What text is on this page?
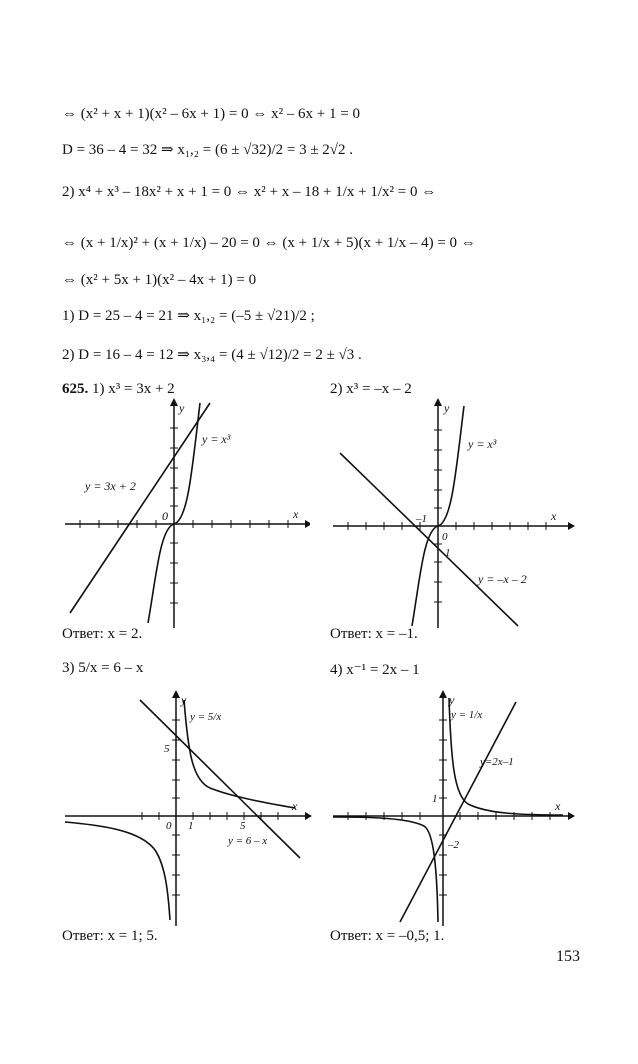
⇔ (x² + x + 1)(x² – 6x + 1) = 0 ⇔ x² – 6x + 1 = 0
D = 36 – 4 = 32 ⇒ x₁,₂ = (6 ± √32)/2 = 3 ± 2√2 .
2) x⁴ + x³ – 18x² + x + 1 = 0 ⇔ x² + x – 18 + 1/x + 1/x² = 0 ⇔
⇔ (x + 1/x)² + (x + 1/x) – 20 = 0 ⇔ (x + 1/x + 5)(x + 1/x – 4) = 0 ⇔
⇔ (x² + 5x + 1)(x² – 4x + 1) = 0
1) D = 25 – 4 = 21 ⇒ x₁,₂ = (–5 ± √21)/2 ;
2) D = 16 – 4 = 12 ⇒ x₃,₄ = (4 ± √12)/2 = 2 ± √3 .
625. 1) x³ = 3x + 2	2) x³ = –x – 2
y = x³
y = 3x + 2
x
y
0
y = x³
y = –x – 2
x
y
0
1
–1
Ответ: x = 2.	Ответ: x = –1.
3) 5/x = 6 – x	4) x⁻¹ = 2x – 1
y = 5/x
y = 6 – x
x
y
0 1	5
5
y = 1/x
y=2x–1
x
y
1
–2
Ответ: x = 1; 5.	Ответ: x = –0,5; 1.
153
